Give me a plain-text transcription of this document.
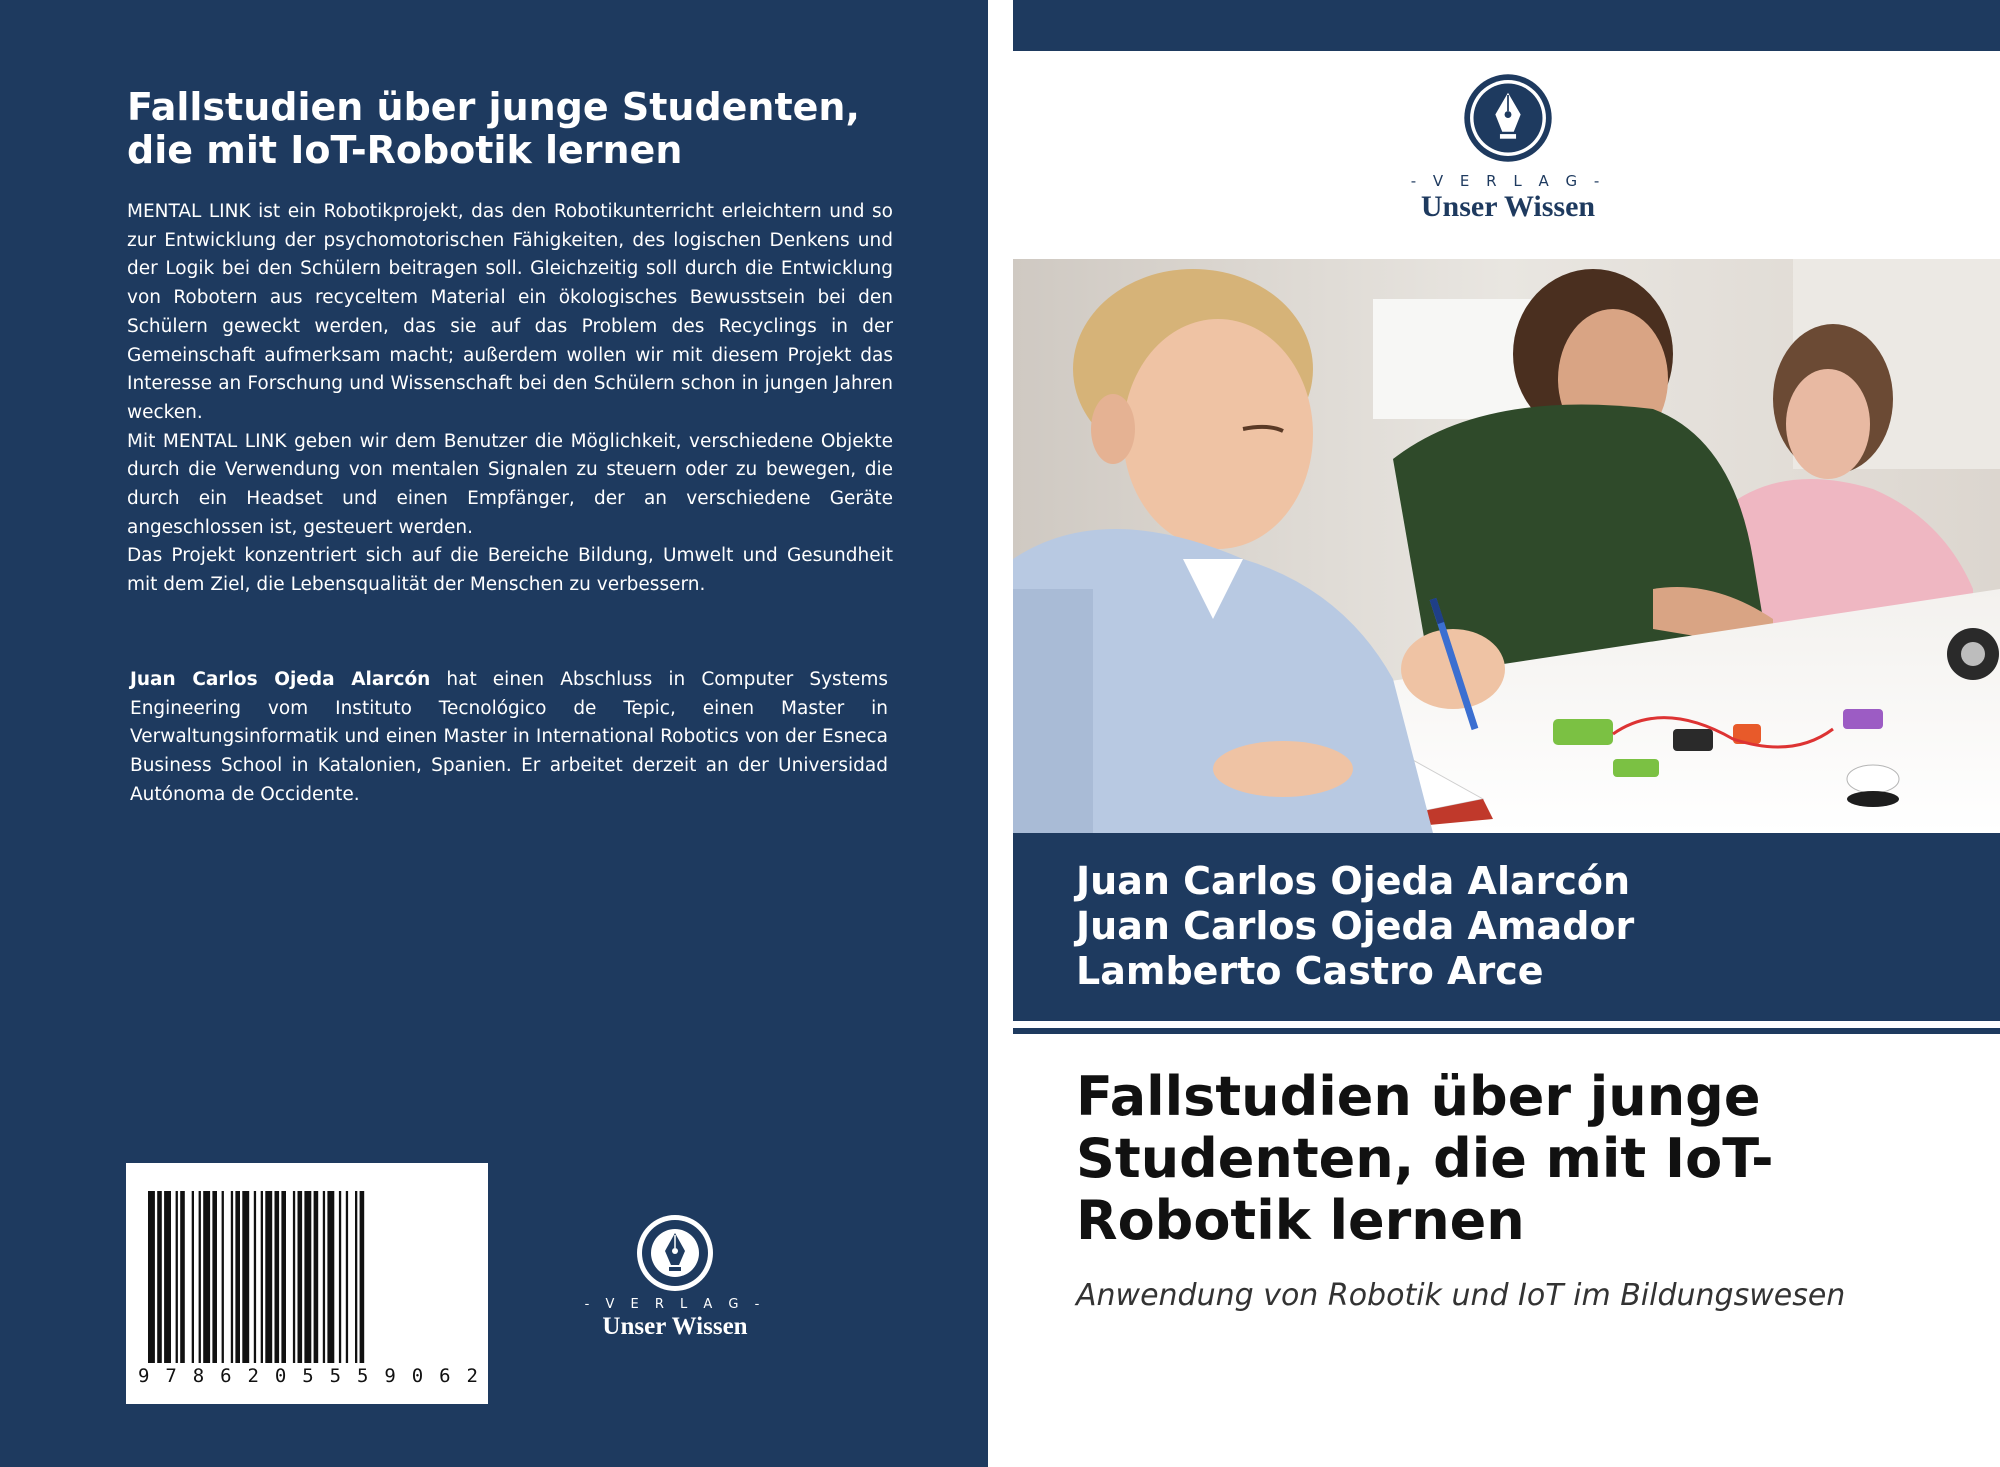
Fallstudien über junge Studenten, die mit IoT-Robotik lernen

MENTAL LINK ist ein Robotikprojekt, das den Robotikunterricht erleichtern und so zur Entwicklung der psychomotorischen Fähigkeiten, des logischen Denkens und der Logik bei den Schülern beitragen soll. Gleichzeitig soll durch die Entwicklung von Robotern aus recyceltem Material ein ökologisches Bewusstsein bei den Schülern geweckt werden, das sie auf das Problem des Recyclings in der Gemeinschaft aufmerksam macht; außerdem wollen wir mit diesem Projekt das Interesse an Forschung und Wissenschaft bei den Schülern schon in jungen Jahren wecken.

Mit MENTAL LINK geben wir dem Benutzer die Möglichkeit, verschiedene Objekte durch die Verwendung von mentalen Signalen zu steuern oder zu bewegen, die durch ein Headset und einen Empfänger, der an verschiedene Geräte angeschlossen ist, gesteuert werden.

Das Projekt konzentriert sich auf die Bereiche Bildung, Umwelt und Gesundheit mit dem Ziel, die Lebensqualität der Menschen zu verbessern.

Juan Carlos Ojeda Alarcón hat einen Abschluss in Computer Systems Engineering vom Instituto Tecnológico de Tepic, einen Master in Verwaltungsinformatik und einen Master in International Robotics von der Esneca Business School in Katalonien, Spanien. Er arbeitet derzeit an der Universidad Autónoma de Occidente.

9 7 8 6 2 0 5 5 5 9 0 6 2
- V E R L A G -
Unser Wissen
- V E R L A G -
Unser Wissen
Juan Carlos Ojeda Alarcón
Juan Carlos Ojeda Amador
Lamberto Castro Arce
Fallstudien über junge Studenten, die mit IoT-Robotik lernen

Anwendung von Robotik und IoT im Bildungswesen
